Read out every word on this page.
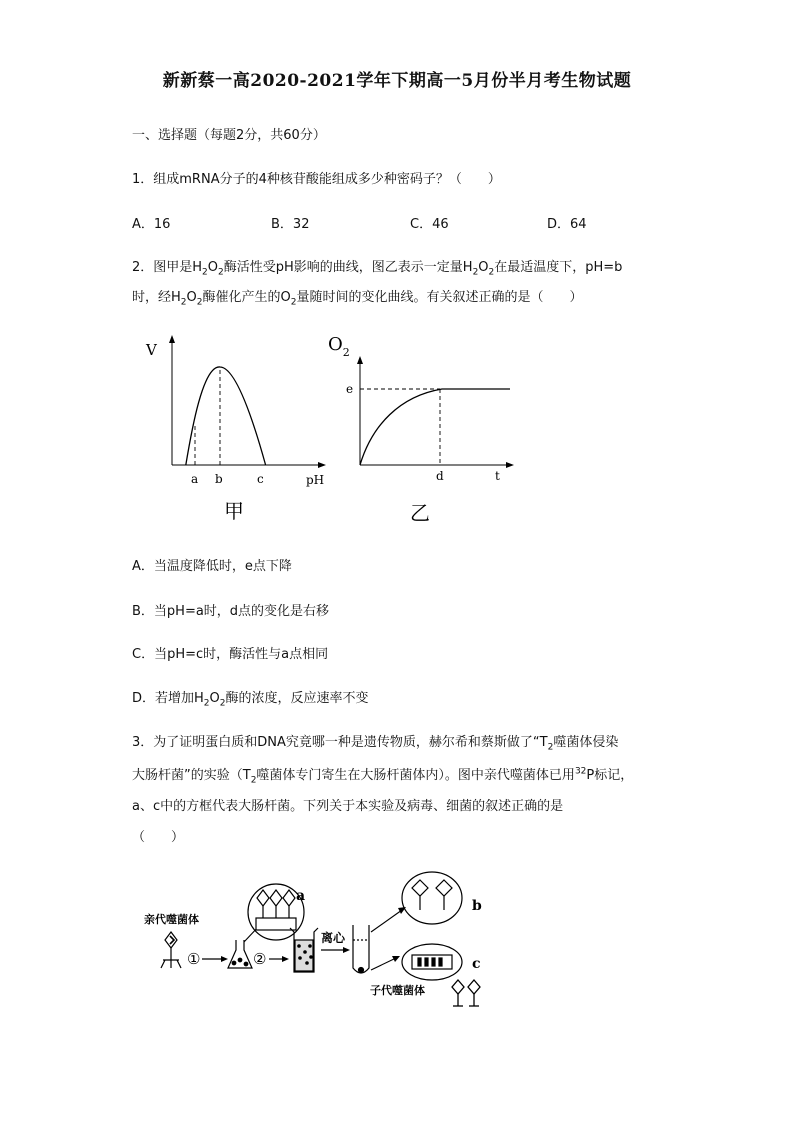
新新蔡一高2020-2021学年下期高一5月份半月考生物试题
一、选择题（每题2分，共60分）
1．组成mRNA分子的4种核苷酸能组成多少种密码子？（　　）
A．16	B．32	C．46	D．64
2．图甲是$H_2O_2$酶活性受pH影响的曲线，图乙表示一定量$H_2O_2$在最适温度下，pH=b
时，经$H_2O_2$酶催化产生的$O_2$量随时间的变化曲线。有关叙述正确的是（　　）
V
a b	c	pH
甲
$O_2$
e
d	t
乙
A．当温度降低时，e点下降
B．当pH=a时，d点的变化是右移
C．当pH=c时，酶活性与a点相同
D．若增加$H_2O_2$酶的浓度，反应速率不变
3．为了证明蛋白质和DNA究竟哪一种是遗传物质，赫尔希和蔡斯做了“$T_2$噬菌体侵染
大肠杆菌”的实验（$T_2$噬菌体专门寄生在大肠杆菌体内）。图中亲代噬菌体已用$^{32}$P标记，
a、c中的方框代表大肠杆菌。下列关于本实验及病毒、细菌的叙述正确的是
（　　）
亲代噬菌体
①
a
②
离心
b
c
子代噬菌体
